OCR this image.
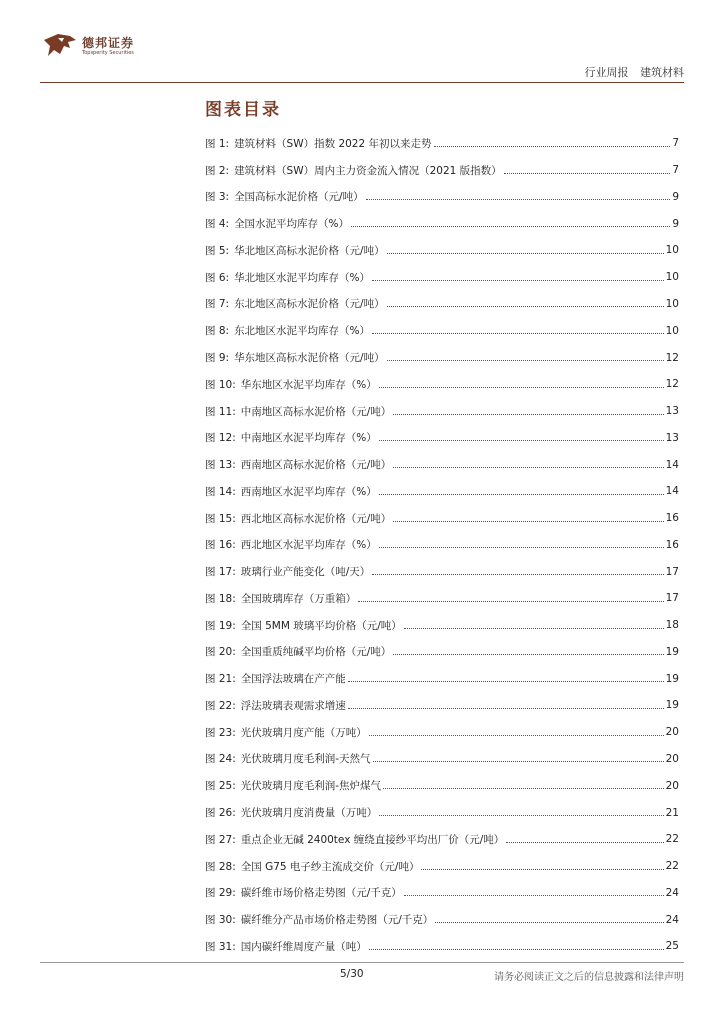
德邦证券
Topsperity Securities
行业周报 建筑材料
图表目录
图 1: 建筑材料（SW）指数 2022 年初以来走势	7
图 2: 建筑材料（SW）周内主力资金流入情况（2021 版指数）	7
图 3: 全国高标水泥价格（元/吨）	9
图 4: 全国水泥平均库存（%）	9
图 5: 华北地区高标水泥价格（元/吨）	10
图 6: 华北地区水泥平均库存（%）	10
图 7: 东北地区高标水泥价格（元/吨）	10
图 8: 东北地区水泥平均库存（%）	10
图 9: 华东地区高标水泥价格（元/吨）	12
图 10: 华东地区水泥平均库存（%）	12
图 11: 中南地区高标水泥价格（元/吨）	13
图 12: 中南地区水泥平均库存（%）	13
图 13: 西南地区高标水泥价格（元/吨）	14
图 14: 西南地区水泥平均库存（%）	14
图 15: 西北地区高标水泥价格（元/吨）	16
图 16: 西北地区水泥平均库存（%）	16
图 17: 玻璃行业产能变化（吨/天）	17
图 18: 全国玻璃库存（万重箱）	17
图 19: 全国 5MM 玻璃平均价格（元/吨）	18
图 20: 全国重质纯碱平均价格（元/吨）	19
图 21: 全国浮法玻璃在产产能	19
图 22: 浮法玻璃表观需求增速	19
图 23: 光伏玻璃月度产能（万吨）	20
图 24: 光伏玻璃月度毛利润-天然气	20
图 25: 光伏玻璃月度毛利润-焦炉煤气	20
图 26: 光伏玻璃月度消费量（万吨）	21
图 27: 重点企业无碱 2400tex 缠绕直接纱平均出厂价（元/吨）	22
图 28: 全国 G75 电子纱主流成交价（元/吨）	22
图 29: 碳纤维市场价格走势图（元/千克）	24
图 30: 碳纤维分产品市场价格走势图（元/千克）	24
图 31: 国内碳纤维周度产量（吨）	25
5/30	请务必阅读正文之后的信息披露和法律声明
